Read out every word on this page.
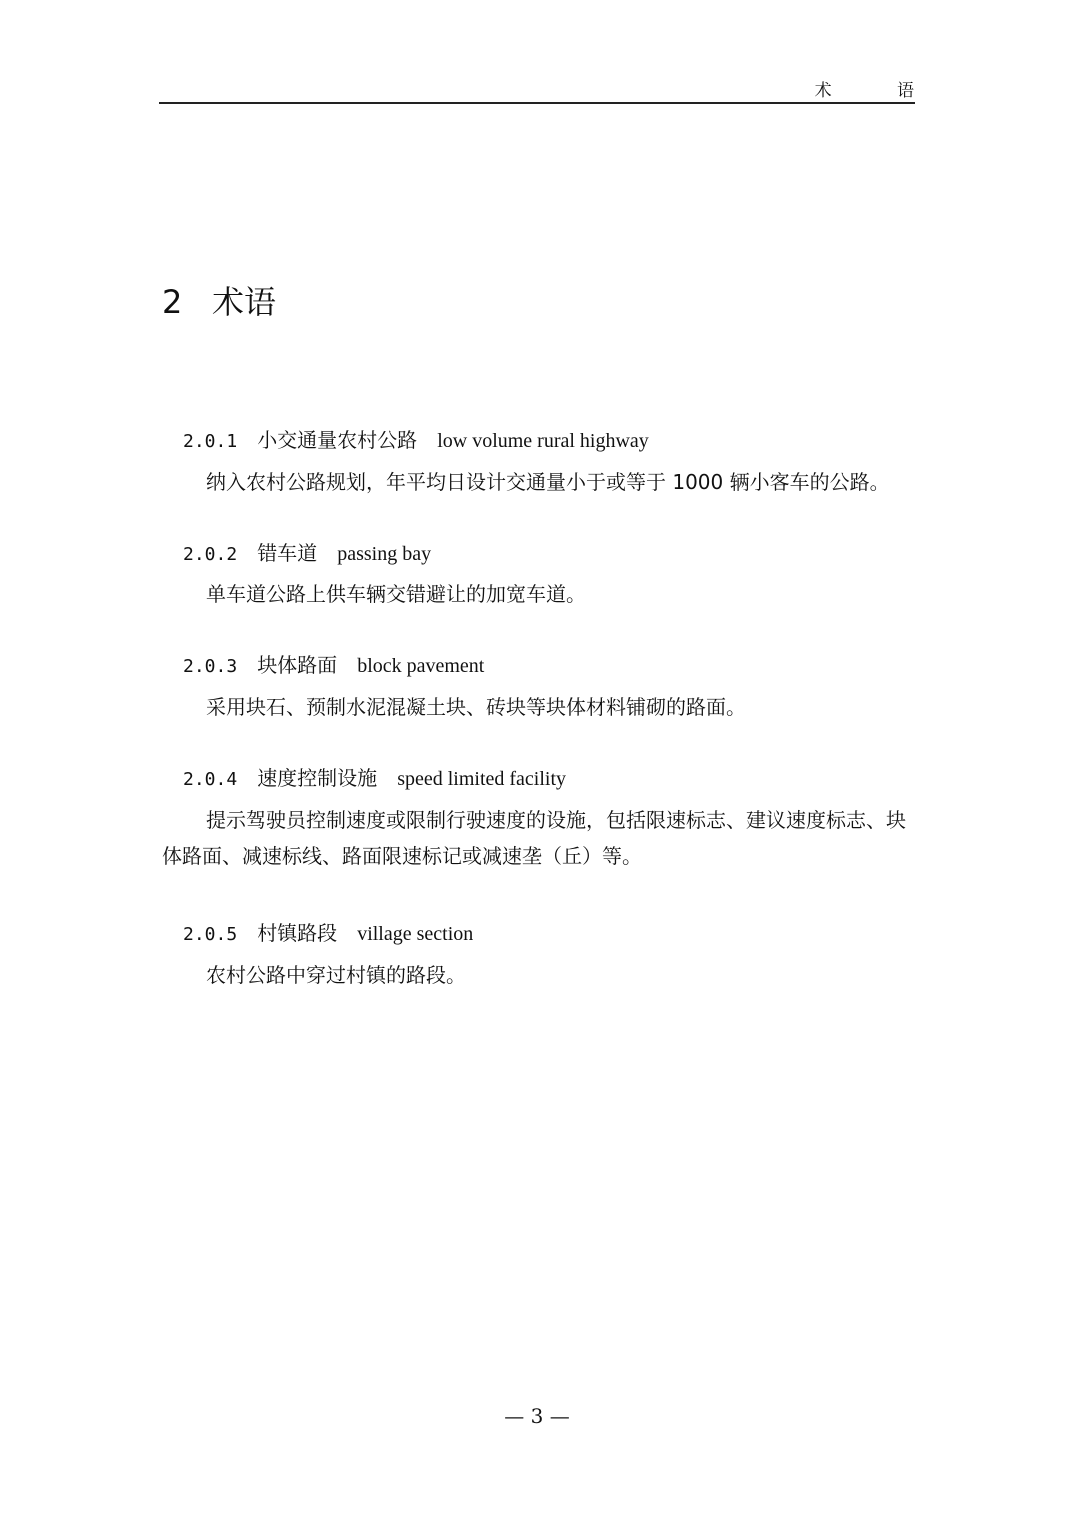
术 语
2 术语
2.0.1 小交通量农村公路 low volume rural highway
纳入农村公路规划，年平均日设计交通量小于或等于 1000 辆小客车的公路。
2.0.2 错车道 passing bay
单车道公路上供车辆交错避让的加宽车道。
2.0.3 块体路面 block pavement
采用块石、预制水泥混凝土块、砖块等块体材料铺砌的路面。
2.0.4 速度控制设施 speed limited facility
提示驾驶员控制速度或限制行驶速度的设施，包括限速标志、建议速度标志、块体路面、减速标线、路面限速标记或减速垄（丘）等。
2.0.5 村镇路段 village section
农村公路中穿过村镇的路段。
— 3 —
